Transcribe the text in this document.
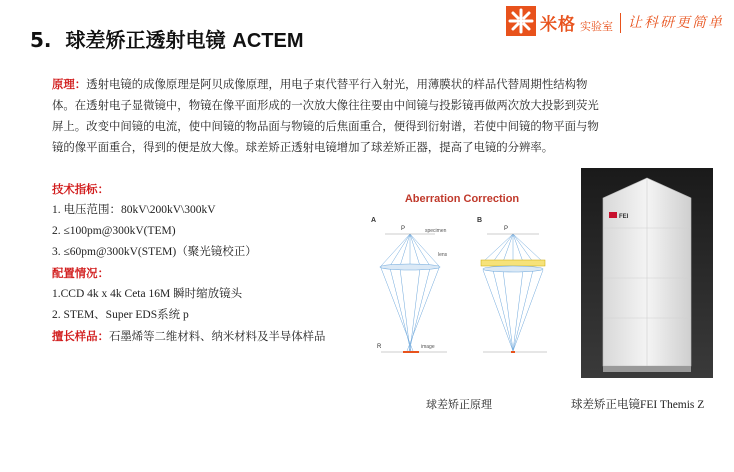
5. 球差矫正透射电镜 ACTEM
米格 实验室 让科研更简单
原理：透射电镜的成像原理是阿贝成像原理，用电子束代替平行入射光，用薄膜状的样品代替周期性结构物体。在透射电子显微镜中，物镜在像平面形成的一次放大像往往要由中间镜与投影镜再做两次放大投影到荧光屏上。改变中间镜的电流，使中间镜的物品面与物镜的后焦面重合，便得到衍射谱，若使中间镜的物平面与物镜的像平面重合，得到的便是放大像。球差矫正透射电镜增加了球差矫正器，提高了电镜的分辨率。
技术指标：
1. 电压范围：80kV\200kV\300kV
2. ≤100pm@300kV(TEM)
3. ≤60pm@300kV(STEM)（聚光镜校正）
配置情况：
1.CCD 4k x 4k Ceta 16M 瞬时缩放镜头
2. STEM、Super EDS系统 p
擅长样品：石墨烯等二维材料、纳米材料及半导体样品
Aberration Correction
A	B
P	specimen
lens
R	image
P
FEI
球差矫正原理	球差矫正电镜FEI Themis Z
